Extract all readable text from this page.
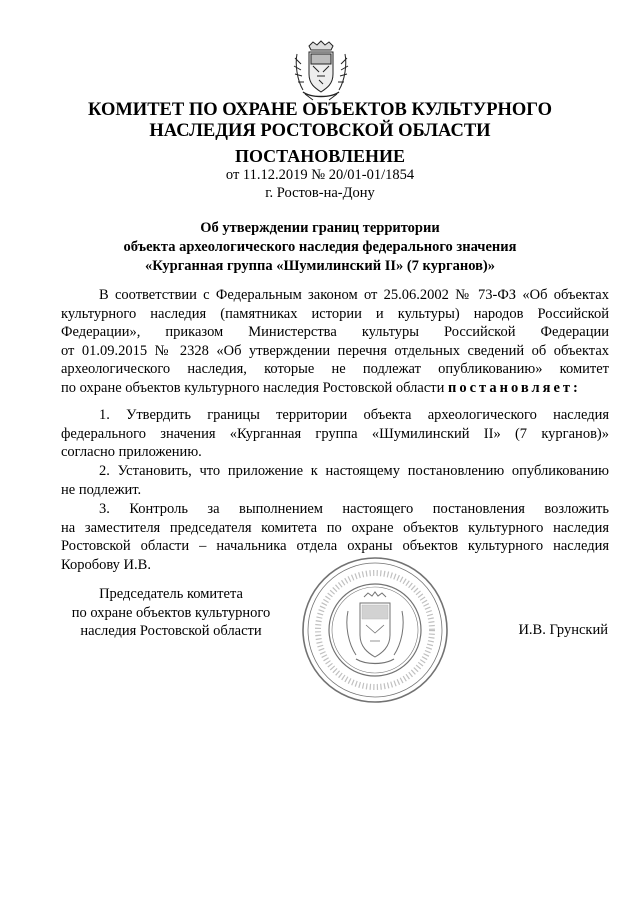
КОМИТЕТ ПО ОХРАНЕ ОБЪЕКТОВ КУЛЬТУРНОГО
НАСЛЕДИЯ РОСТОВСКОЙ ОБЛАСТИ
ПОСТАНОВЛЕНИЕ
от 11.12.2019 № 20/01-01/1854
г. Ростов-на-Дону
Об утверждении границ территории
объекта археологического наследия федерального значения
«Курганная группа «Шумилинский II» (7 курганов)»
В соответствии с Федеральным законом от 25.06.2002 № 73-ФЗ «Об объектах
культурного наследия (памятниках истории и культуры) народов Российской
Федерации», приказом Министерства культуры Российской Федерации
от 01.09.2015 № 2328 «Об утверждении перечня отдельных сведений об объектах
археологического наследия, которые не подлежат опубликованию» комитет
по охране объектов культурного наследия Ростовской области постановляет:
1. Утвердить границы территории объекта археологического наследия
федерального значения «Курганная группа «Шумилинский II» (7 курганов)»
согласно приложению.
2. Установить, что приложение к настоящему постановлению опубликованию
не подлежит.
3. Контроль за выполнением настоящего постановления возложить
на заместителя председателя комитета по охране объектов культурного наследия
Ростовской области – начальника отдела охраны объектов культурного наследия
Коробову И.В.
Председатель комитета
по охране объектов культурного
наследия Ростовской области	И.В. Грунский
